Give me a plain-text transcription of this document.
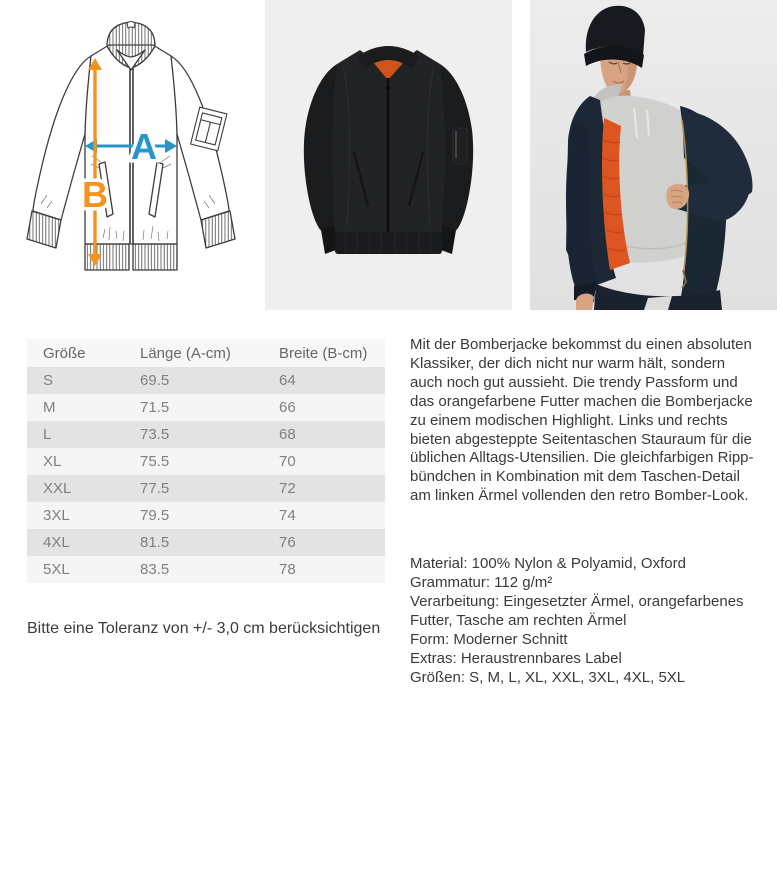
A
B
Größe	Länge (A-cm)	Breite (B-cm)
S	69.5	64
M	71.5	66
L	73.5	68
XL	75.5	70
XXL	77.5	72
3XL	79.5	74
4XL	81.5	76
5XL	83.5	78

Bitte eine Toleranz von +/- 3,0 cm berücksichtigen

Mit der Bomberjacke bekommst du einen absoluten
Klassiker, der dich nicht nur warm hält, sondern
auch noch gut aussieht. Die trendy Passform und
das orangefarbene Futter machen die Bomberjacke
zu einem modischen Highlight. Links und rechts
bieten abgesteppte Seitentaschen Stauraum für die
üblichen Alltags-Utensilien. Die gleichfarbigen Ripp-
bündchen in Kombination mit dem Taschen-Detail
am linken Ärmel vollenden den retro Bomber-Look.
Material: 100% Nylon & Polyamid, Oxford
Grammatur: 112 g/m²
Verarbeitung: Eingesetzter Ärmel, orangefarbenes
Futter, Tasche am rechten Ärmel
Form: Moderner Schnitt
Extras: Heraustrennbares Label
Größen: S, M, L, XL, XXL, 3XL, 4XL, 5XL
